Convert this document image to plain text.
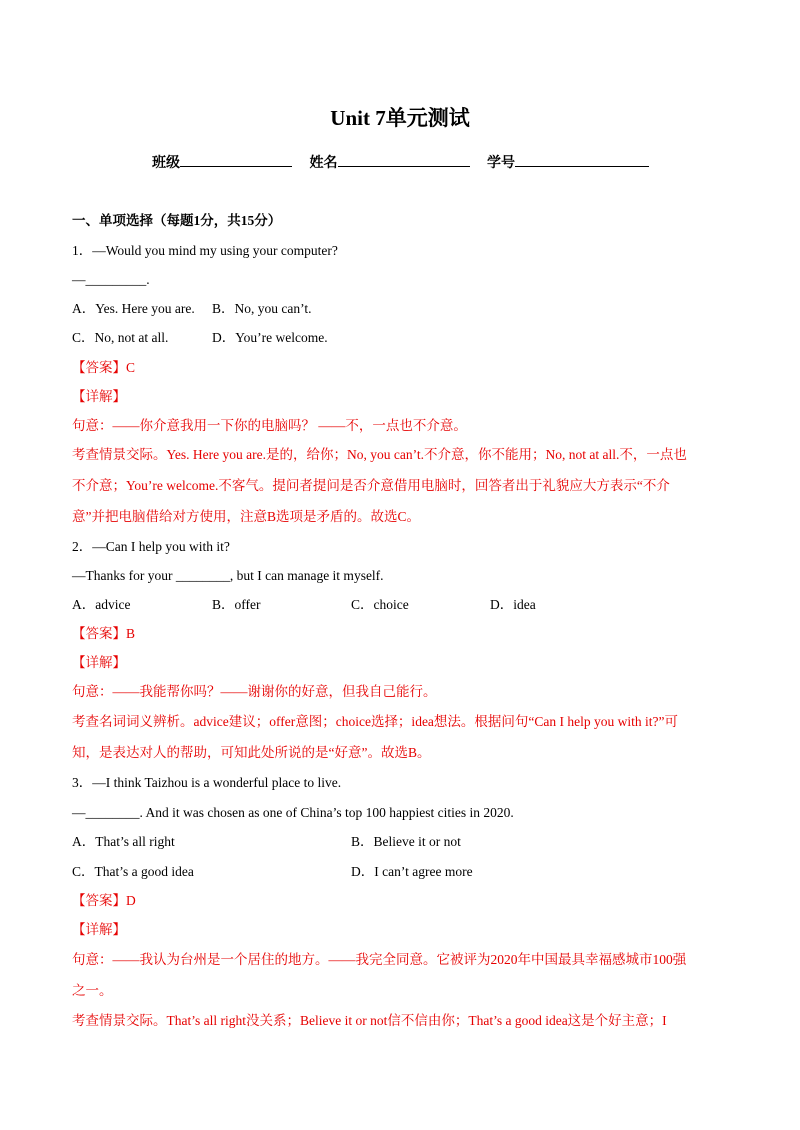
Unit 7单元测试
班级	姓名	学号
一、单项选择（每题1分，共15分）
1．—Would you mind my using your computer?
—_________.
A．Yes. Here you are. B．No, you can’t.
C．No, not at all.	D．You’re welcome.
【答案】C
【详解】
句意：——你介意我用一下你的电脑吗？ ——不，一点也不介意。
考查情景交际。Yes. Here you are.是的，给你；No, you can’t.不介意，你不能用；No, not at all.不，一点也
不介意；You’re welcome.不客气。提问者提问是否介意借用电脑时，回答者出于礼貌应大方表示“不介
意”并把电脑借给对方使用，注意B选项是矛盾的。故选C。
2．—Can I help you with it?
—Thanks for your ________, but I can manage it myself.
A．advice	B．offer	C．choice	D．idea
【答案】B
【详解】
句意：——我能帮你吗？——谢谢你的好意，但我自己能行。
考查名词词义辨析。advice建议；offer意图；choice选择；idea想法。根据问句“Can I help you with it?”可
知，是表达对人的帮助，可知此处所说的是“好意”。故选B。
3．—I think Taizhou is a wonderful place to live.
—________. And it was chosen as one of China’s top 100 happiest cities in 2020.
A．That’s all right	B．Believe it or not
C．That’s a good idea	D．I can’t agree more
【答案】D
【详解】
句意：——我认为台州是一个居住的地方。——我完全同意。它被评为2020年中国最具幸福感城市100强
之一。
考查情景交际。That’s all right没关系；Believe it or not信不信由你；That’s a good idea这是个好主意；I
